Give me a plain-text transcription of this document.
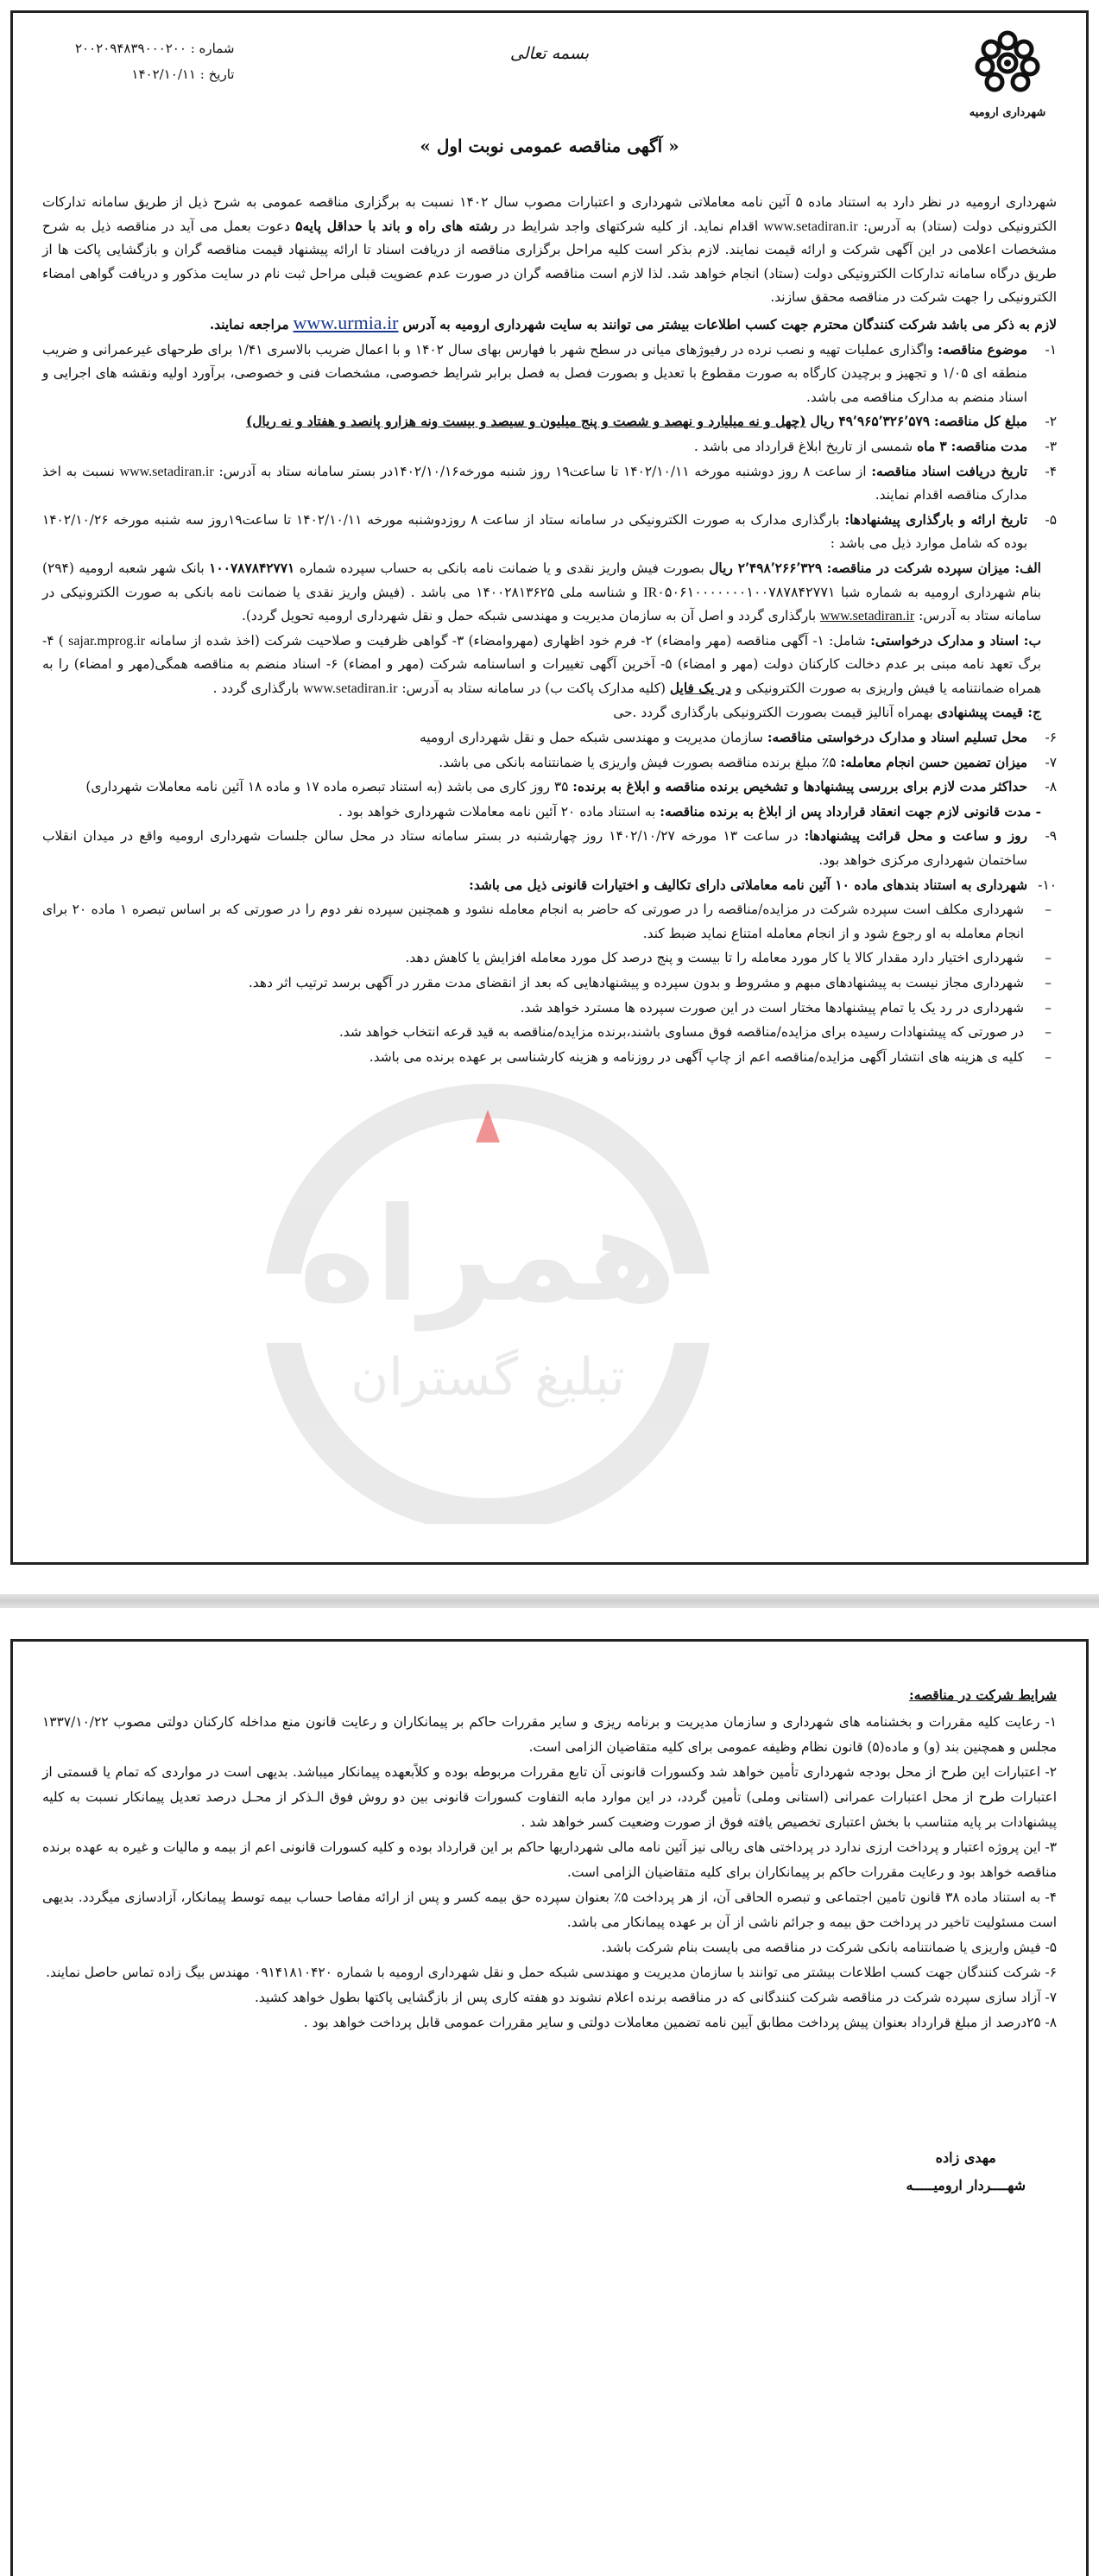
همراه
تبلیغ گستران
شهرداری ارومیه
بسمه تعالی
شماره : ۲۰۰۲۰۹۴۸۳۹۰۰۰۲۰۰
تاریخ : ۱۴۰۲/۱۰/۱۱
« آگهی مناقصه عمومی نوبت اول »

شهرداری ارومیه در نظر دارد به استناد ماده ۵ آئین نامه معاملاتی شهرداری و اعتبارات مصوب سال ۱۴۰۲ نسبت به برگزاری مناقصه عمومی به شرح ذیل از طریق سامانه تدارکات الکترونیکی دولت (ستاد) به آدرس: www.setadiran.ir اقدام نماید. از کلیه شرکتهای واجد شرایط در رشته های راه و باند با حداقل پایه۵ دعوت بعمل می آید در مناقصه ذیل به شرح مشخصات اعلامی در این آگهی شرکت و ارائه قیمت نمایند. لازم بذکر است کلیه مراحل برگزاری مناقصه از دریافت اسناد تا ارائه پیشنهاد قیمت مناقصه گران و بازگشایی پاکت ها از طریق درگاه سامانه تدارکات الکترونیکی دولت (ستاد) انجام خواهد شد. لذا لازم است مناقصه گران در صورت عدم عضویت قبلی مراحل ثبت نام در سایت مذکور و دریافت گواهی امضاء الکترونیکی را جهت شرکت در مناقصه محقق سازند.

لازم به ذکر می باشد شرکت کنندگان محترم جهت کسب اطلاعات بیشتر می توانند به سایت شهرداری ارومیه به آدرس www.urmia.ir مراجعه نمایند.

۱-
موضوع مناقصه: واگذاری عملیات تهیه و نصب نرده در رفیوژهای میانی در سطح شهر با فهارس بهای سال ۱۴۰۲ و با اعمال ضریب بالاسری ۱/۴۱ برای طرحهای غیرعمرانی و ضریب منطقه ای ۱/۰۵ و تجهیز و برچیدن کارگاه به صورت مقطوع با تعدیل و بصورت فصل به فصل برابر شرایط خصوصی، مشخصات فنی و خصوصی، برآورد اولیه ونقشه های اجرایی و اسناد منضم به مدارک مناقصه می باشد.

۲-
مبلغ کل مناقصه: ۴۹٬۹۶۵٬۳۲۶٬۵۷۹ ریال (چهل و نه میلیارد و نهصد و شصت و پنج میلیون و سیصد و بیست ونه هزارو پانصد و هفتاد و نه ریال)

۳-
مدت مناقصه: ۳ ماه شمسی از تاریخ ابلاغ قرارداد می باشد .

۴-
تاریخ دریافت اسناد مناقصه: از ساعت ۸ روز دوشنبه مورخه ۱۴۰۲/۱۰/۱۱ تا ساعت۱۹ روز شنبه مورخه۱۴۰۲/۱۰/۱۶در بستر سامانه ستاد به آدرس: www.setadiran.ir نسبت به اخذ مدارک مناقصه اقدام نمایند.

۵-
تاریخ ارائه و بارگذاری پیشنهادها: بارگذاری مدارک به صورت الکترونیکی در سامانه ستاد از ساعت ۸ روزدوشنبه مورخه ۱۴۰۲/۱۰/۱۱ تا ساعت۱۹روز سه شنبه مورخه ۱۴۰۲/۱۰/۲۶ بوده که شامل موارد ذیل می باشد :

الف: میزان سپرده شرکت در مناقصه: ۲٬۴۹۸٬۲۶۶٬۳۲۹ ریال بصورت فیش واریز نقدی و یا ضمانت نامه بانکی به حساب سپرده شماره ۱۰۰۷۸۷۸۴۲۷۷۱ بانک شهر شعبه ارومیه (۲۹۴) بنام شهرداری ارومیه به شماره شبا IR۰۵۰۶۱۰۰۰۰۰۰۰۱۰۰۷۸۷۸۴۲۷۷۱ و شناسه ملی ۱۴۰۰۲۸۱۳۶۲۵ می باشد . (فیش واریز نقدی یا ضمانت نامه بانکی به صورت الکترونیکی در سامانه ستاد به آدرس: www.setadiran.ir بارگذاری گردد و اصل آن به سازمان مدیریت و مهندسی شبکه حمل و نقل شهرداری ارومیه تحویل گردد).

ب: اسناد و مدارک درخواستی: شامل: ۱- آگهی مناقصه (مهر وامضاء) ۲- فرم خود اظهاری (مهروامضاء) ۳- گواهی ظرفیت و صلاحیت شرکت (اخذ شده از سامانه sajar.mprog.ir ) ۴- برگ تعهد نامه مبنی بر عدم دخالت کارکنان دولت (مهر و امضاء) ۵- آخرین آگهی تغییرات و اساسنامه شرکت (مهر و امضاء) ۶- اسناد منضم به مناقصه همگی(مهر و امضاء) را به همراه ضمانتنامه یا فیش واریزی به صورت الکترونیکی و در یک فایل (کلیه مدارک پاکت ب) در سامانه ستاد به آدرس: www.setadiran.ir بارگذاری گردد .

ج: قیمت پیشنهادی بهمراه آنالیز قیمت بصورت الکترونیکی بارگذاری گردد .حی

۶-
محل تسلیم اسناد و مدارک درخواستی مناقصه: سازمان مدیریت و مهندسی شبکه حمل و نقل شهرداری ارومیه

۷-
میزان تضمین حسن انجام معامله: ۵٪ مبلغ برنده مناقصه بصورت فیش واریزی یا ضمانتنامه بانکی می باشد.

۸-
حداکثر مدت لازم برای بررسی پیشنهادها و تشخیص برنده مناقصه و ابلاغ به برنده: ۳۵ روز کاری می باشد (به استناد تبصره ماده ۱۷ و ماده ۱۸ آئین نامه معاملات شهرداری)

- مدت قانونی لازم جهت انعقاد قرارداد پس از ابلاغ به برنده مناقصه: به استناد ماده ۲۰ آئین نامه معاملات شهرداری خواهد بود .

۹-
روز و ساعت و محل قرائت پیشنهادها: در ساعت ۱۳ مورخه ۱۴۰۲/۱۰/۲۷ روز چهارشنبه در بستر سامانه ستاد در محل سالن جلسات شهرداری ارومیه واقع در میدان انقلاب ساختمان شهرداری مرکزی خواهد بود.

۱۰-
شهرداری به استناد بندهای ماده ۱۰ آئین نامه معاملاتی دارای تکالیف و اختیارات قانونی ذیل می باشد:

–
شهرداری مکلف است سپرده شرکت در مزایده/مناقصه را در صورتی که حاضر به انجام معامله نشود و همچنین سپرده نفر دوم را در صورتی که بر اساس تبصره ۱ ماده ۲۰ برای انجام معامله به او رجوع شود و از انجام معامله امتناع نماید ضبط کند.

–
شهرداری اختیار دارد مقدار کالا یا کار مورد معامله را تا بیست و پنج درصد کل مورد معامله افزایش یا کاهش دهد.

–
شهرداری مجاز نیست به پیشنهادهای مبهم و مشروط و بدون سپرده و پیشنهادهایی که بعد از انقضای مدت مقرر در آگهی برسد ترتیب اثر دهد.

–
شهرداری در رد یک یا تمام پیشنهادها مختار است در این صورت سپرده ها مسترد خواهد شد.

–
در صورتی که پیشنهادات رسیده برای مزایده/مناقصه فوق مساوی باشند،برنده مزایده/مناقصه به قید قرعه انتخاب خواهد شد.

–
کلیه ی هزینه های انتشار آگهی مزایده/مناقصه اعم از چاپ آگهی در روزنامه و هزینه کارشناسی بر عهده برنده می باشد.

شرایط شرکت در مناقصه:

۱- رعایت کلیه مقررات و بخشنامه های شهرداری و سازمان مدیریت و برنامه ریزی و سایر مقررات حاکم بر پیمانکاران و رعایت قانون منع مداخله کارکنان دولتی مصوب ۱۳۳۷/۱۰/۲۲ مجلس و همچنین بند (و) و ماده(۵) قانون نظام وظیفه عمومی برای کلیه متقاضیان الزامی است.

۲- اعتبارات این طرح از محل بودجه شهرداری تأمین خواهد شد وکسورات قانونی آن تابع مقررات مربوطه بوده و کلاًبعهده پیمانکار میباشد. بدیهی است در مواردی که تمام یا قسمتی از اعتبارات طرح از محل اعتبارات عمرانی (استانی وملی) تأمین گردد، در این موارد مابه التفاوت کسورات قانونی بین دو روش فوق الـذکر از محـل درصد تعدیل پیمانکار نسبت به کلیه پیشنهادات بر پایه متناسب با بخش اعتباری تخصیص یافته فوق از صورت وضعیت کسر خواهد شد .

۳- این پروژه اعتبار و پرداخت ارزی ندارد در پرداختی های ریالی نیز آئین نامه مالی شهرداریها حاکم بر این قرارداد بوده و کلیه کسورات قانونی اعم از بیمه و مالیات و غیره به عهده برنده مناقصه خواهد بود و رعایت مقررات حاکم بر پیمانکاران برای کلیه متقاضیان الزامی است.

۴- به استناد ماده ۳۸ قانون تامین اجتماعی و تبصره الحاقی آن، از هر پرداخت ۵٪ بعنوان سپرده حق بیمه کسر و پس از ارائه مفاصا حساب بیمه توسط پیمانکار، آزادسازی میگردد. بدیهی است مسئولیت تاخیر در پرداخت حق بیمه و جرائم ناشی از آن بر عهده پیمانکار می باشد.

۵- فیش واریزی یا ضمانتنامه بانکی شرکت در مناقصه می بایست بنام شرکت باشد.

۶- شرکت کنندگان جهت کسب اطلاعات بیشتر می توانند با سازمان مدیریت و مهندسی شبکه حمل و نقل شهرداری ارومیه با شماره ۰۹۱۴۱۸۱۰۴۲۰ مهندس بیگ زاده تماس حاصل نمایند.

۷- آزاد سازی سپرده شرکت در مناقصه شرکت کنندگانی که در مناقصه برنده اعلام نشوند دو هفته کاری پس از بازگشایی پاکتها بطول خواهد کشید.

۸- ۲۵درصد از مبلغ قرارداد بعنوان پیش پرداخت مطابق آیین نامه تضمین معاملات دولتی و سایر مقررات عمومی قابل پرداخت خواهد بود .

مهدی زاده
شهــــردار ارومیـــــه
